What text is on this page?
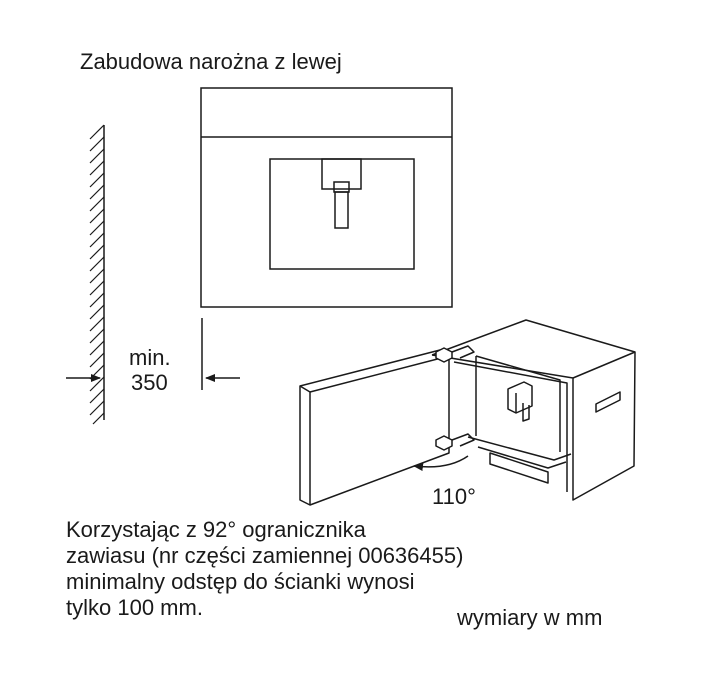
Zabudowa narożna z lewej
min.
350
110°
Korzystając z 92° ogranicznika
zawiasu (nr części zamiennej 00636455)
minimalny odstęp do ścianki wynosi
tylko 100 mm.	wymiary w mm
